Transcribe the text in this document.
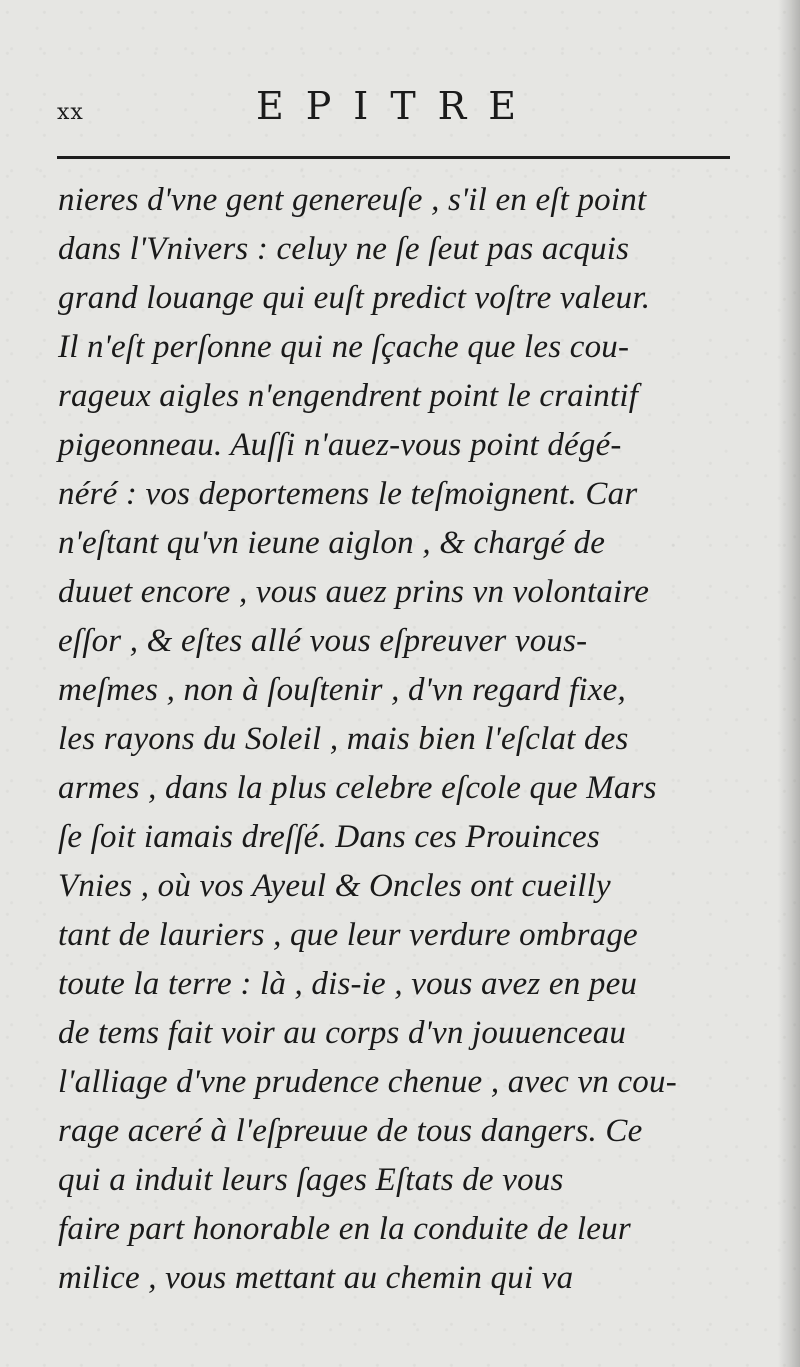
xx	EPITRE
nieres d'vne gent genereuſe , s'il en eſt point
dans l'Vnivers : celuy ne ſe ſeut pas acquis
grand louange qui euſt predict voſtre valeur.
Il n'eſt perſonne qui ne ſçache que les cou-
rageux aigles n'engendrent point le craintif
pigeonneau. Auſſi n'auez-vous point dégé-
néré : vos deportemens le teſmoignent. Car
n'eſtant qu'vn ieune aiglon , & chargé de
duuet encore , vous auez prins vn volontaire
eſſor , & eſtes allé vous eſpreuver vous-
meſmes , non à ſouſtenir , d'vn regard fixe,
les rayons du Soleil , mais bien l'eſclat des
armes , dans la plus celebre eſcole que Mars
ſe ſoit iamais dreſſé. Dans ces Prouinces
Vnies , où vos Ayeul & Oncles ont cueilly
tant de lauriers , que leur verdure ombrage
toute la terre : là , dis-ie , vous avez en peu
de tems fait voir au corps d'vn jouuenceau
l'alliage d'vne prudence chenue , avec vn cou-
rage aceré à l'eſpreuue de tous dangers. Ce
qui a induit leurs ſages Eſtats de vous
faire part honorable en la conduite de leur
milice , vous mettant au chemin qui va
